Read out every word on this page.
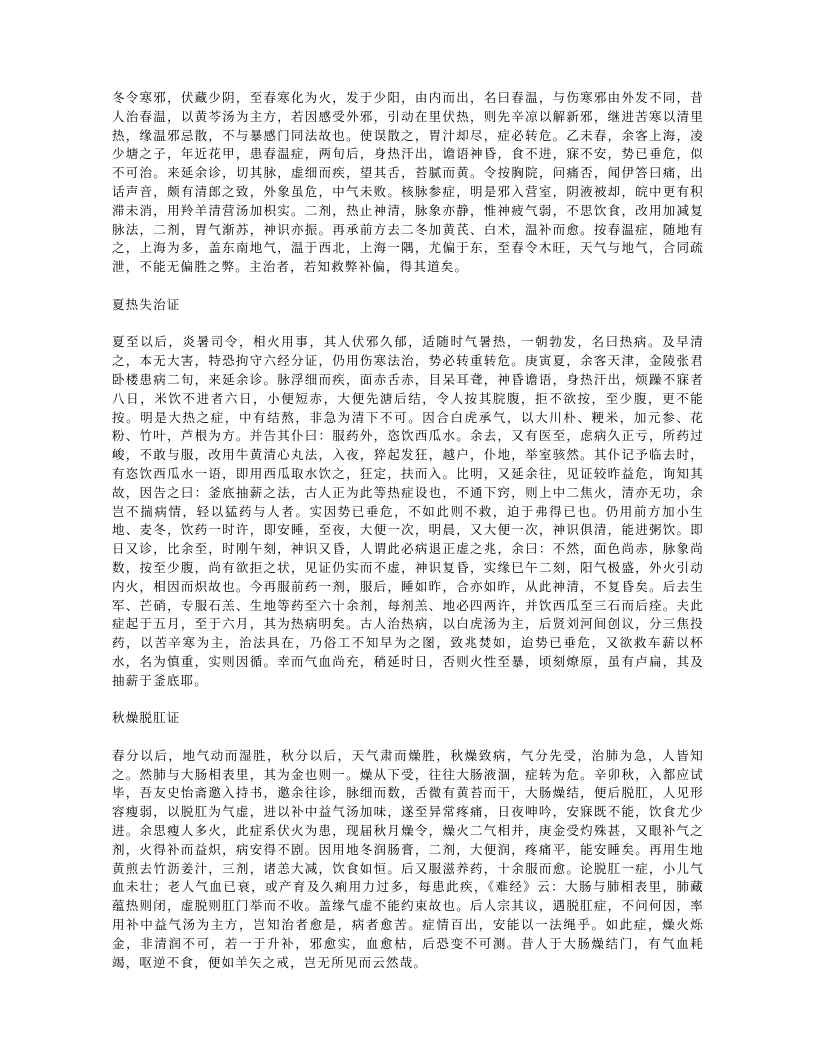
冬令寒邪，伏藏少阴，至春寒化为火，发于少阳，由内而出，名曰春温，与伤寒邪由外发不同，昔人治春温，以黄芩汤为主方，若因感受外邪，引动在里伏热，则先辛凉以解新邪，继进苦寒以清里热，缘温邪忌散，不与暴感门同法故也。使误散之，胃汁却尽，症必转危。乙未春，余客上海，凌少塘之子，年近花甲，患春温症，两旬后，身热汗出，谵语神昏，食不进，寐不安，势已垂危，似不可治。来延余诊，切其脉，虚细而疾，望其舌，苔腻而黄。令按胸院，问痛否，闻伊答曰痛，出话声音，颇有清郎之致，外象虽危，中气未败。核脉参症，明是邪入营室，阴液被却，皖中更有积滞未消，用羚羊清营汤加枳实。二剂，热止神清，脉象亦静，惟神疲气弱，不思饮食，改用加减复脉法，二剂，胃气渐苏，神识亦振。再承前方去二冬加黄芪、白术，温补而愈。按春温症，随地有之，上海为多，盖东南地气，温于西北，上海一隅，尤偏于东，至春令木旺，天气与地气，合同疏泄，不能无偏胜之弊。主治者，若知救弊补偏，得其道矣。

夏热失治证

夏至以后，炎暑司令，相火用事，其人伏邪久郁，适随时气暑热，一朝勃发，名曰热病。及早清之，本无大害，特恐拘守六经分证，仍用伤寒法治，势必转重转危。庚寅夏，余客天津，金陵张君卧楼患病二旬，来延余诊。脉浮细而疾，面赤舌赤，目呆耳聋，神昏谵语，身热汗出，烦躁不寐者八日，米饮不进者六日，小便短赤，大便先溏后结，令人按其脘腹，拒不欲按，至少腹，更不能按。明是大热之症，中有结熬，非急为清下不可。因合白虎承气，以大川朴、粳米，加元参、花粉、竹叶，芦根为方。并告其仆曰：服药外，恣饮西瓜水。余去，又有医至，虑病久正亏，所药过峻，不敢与服，改用牛黄清心丸法，入夜，猝起发狂，越户，仆地，举室骇然。其仆记予临去时，有恣饮西瓜水一语，即用西瓜取水饮之，狂定，扶而入。比明，又延余往，见证较昨益危，询知其故，因告之曰：釜底抽薪之法，古人正为此等热症设也，不通下窍，则上中二焦火，清亦无功，余岂不揣病情，轻以猛药与人者。实因势已垂危，不如此则不救，迫于弗得已也。仍用前方加小生地、麦冬，饮药一时许，即安睡，至夜，大便一次，明晨，又大便一次，神识俱清，能进粥饮。即日又诊，比余至，时刚午刻，神识又昏，人谓此必病退正虚之兆，余曰：不然，面色尚赤，脉象尚数，按至少腹，尚有欲拒之状，见证仍实而不虚，神识复昏，实缘巳午二刻，阳气极盛，外火引动内火，相因而炽故也。今再服前药一剂，服后，睡如昨，合亦如昨，从此神清，不复昏矣。后去生军、芒硝，专服石羔、生地等药至六十余剂，每剂羔、地必四两许，并饮西瓜至三石而后痊。夫此症起于五月，至于六月，其为热病明矣。古人治热病，以白虎汤为主，后贤刘河间创议，分三焦投药，以苦辛寒为主，治法具在，乃俗工不知早为之图，致兆焚如，迨势已垂危，又欲救车薪以杯水，名为慎重，实则因循。幸而气血尚充，稍延时日，否则火性至暴，顷刻燎原，虽有卢扁，其及抽薪于釜底耶。

秋燥脱肛证

春分以后，地气动而湿胜，秋分以后，天气肃而燥胜，秋燥致病，气分先受，治肺为急，人皆知之。然肺与大肠相表里，其为金也则一。燥从下受，往往大肠液涸，症转为危。辛卯秋，入都应试毕，吾友史怡斋邀入持书，邀余往诊，脉细而数，舌微有黄苔而干，大肠燥结，便后脱肛，人见形容瘦弱，以脱肛为气虚，进以补中益气汤加味，遂至异常疼痛，日夜呻吟，安寐既不能，饮食尤少进。余思瘦人多火，此症系伏火为患，现届秋月燥令，燥火二气相并，庚金受灼殊甚，又眼补气之剂，火得补而益炽，病安得不剧。因用地冬润肠膏，二剂，大便润，疼痛平，能安睡矣。再用生地黄煎去竹沥姜汁，三剂，诸恙大减，饮食如恒。后又服滋养药，十余服而愈。论脱肛一症，小儿气血未壮；老人气血已衰，或产育及久痢用力过多，每患此疾，《难经》云：大肠与肺相表里，肺藏蕴热则闭，虚脱则肛门举而不收。盖缘气虚不能约束故也。后人宗其议，遇脱肛症，不问何因，率用补中益气汤为主方，岂知治者愈是，病者愈苦。症情百出，安能以一法绳乎。如此症，燥火烁金，非清润不可，若一于升补，邪愈实，血愈枯，后恐变不可测。昔人于大肠燥结门，有气血耗竭，呕逆不食，便如羊矢之戒，岂无所见而云然哉。
